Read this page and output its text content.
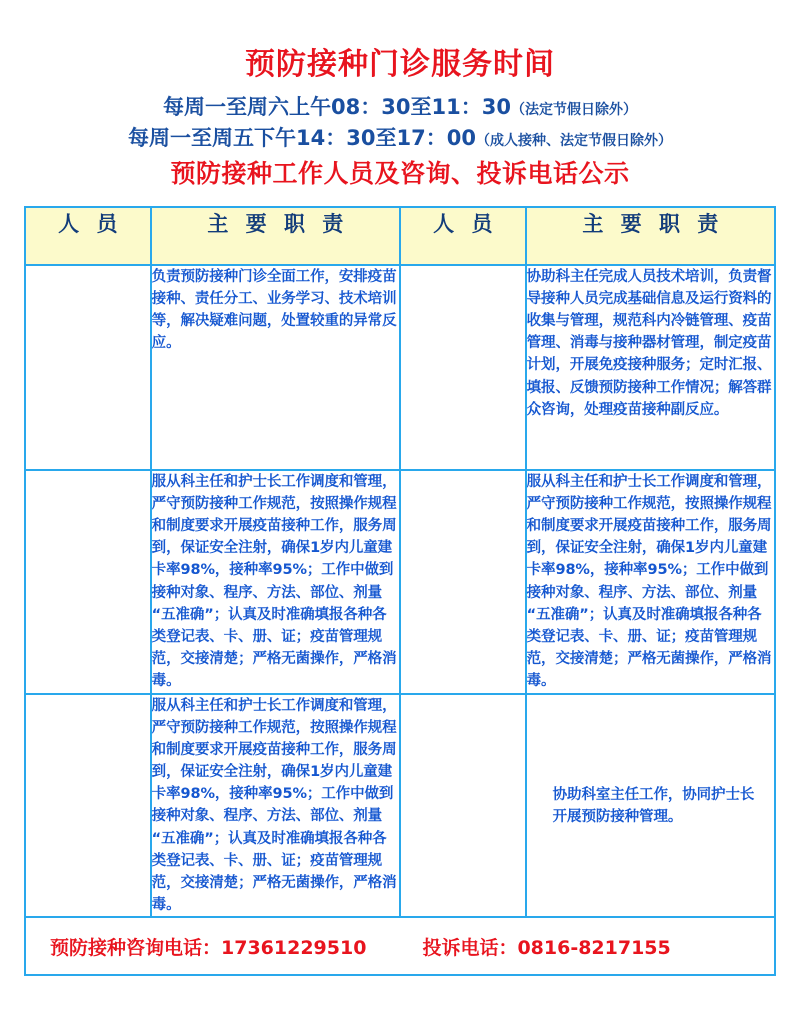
预防接种门诊服务时间
每周一至周六上午08：30至11：30（法定节假日除外）
每周一至周五下午14：30至17：00（成人接种、法定节假日除外）
预防接种工作人员及咨询、投诉电话公示
人 员	主 要 职 责	人 员	主 要 职 责
	负责预防接种门诊全面工作，安排疫苗接种、责任分工、业务学习、技术培训等，解决疑难问题，处置较重的异常反应。		协助科主任完成人员技术培训，负责督导接种人员完成基础信息及运行资料的收集与管理，规范科内冷链管理、疫苗管理、消毒与接种器材管理，制定疫苗计划，开展免疫接种服务；定时汇报、填报、反馈预防接种工作情况；解答群众咨询，处理疫苗接种副反应。
	服从科主任和护士长工作调度和管理，严守预防接种工作规范，按照操作规程和制度要求开展疫苗接种工作，服务周到，保证安全注射，确保1岁内儿童建卡率98%，接种率95%；工作中做到接种对象、程序、方法、部位、剂量“五准确”；认真及时准确填报各种各类登记表、卡、册、证；疫苗管理规范，交接清楚；严格无菌操作，严格消毒。		服从科主任和护士长工作调度和管理，严守预防接种工作规范，按照操作规程和制度要求开展疫苗接种工作，服务周到，保证安全注射，确保1岁内儿童建卡率98%，接种率95%；工作中做到接种对象、程序、方法、部位、剂量“五准确”；认真及时准确填报各种各类登记表、卡、册、证；疫苗管理规范，交接清楚；严格无菌操作，严格消毒。
	服从科主任和护士长工作调度和管理，严守预防接种工作规范，按照操作规程和制度要求开展疫苗接种工作，服务周到，保证安全注射，确保1岁内儿童建卡率98%，接种率95%；工作中做到接种对象、程序、方法、部位、剂量“五准确”；认真及时准确填报各种各类登记表、卡、册、证；疫苗管理规范，交接清楚；严格无菌操作，严格消毒。		协助科室主任工作，协同护士长开展预防接种管理。
预防接种咨询电话：17361229510	投诉电话：0816-8217155
